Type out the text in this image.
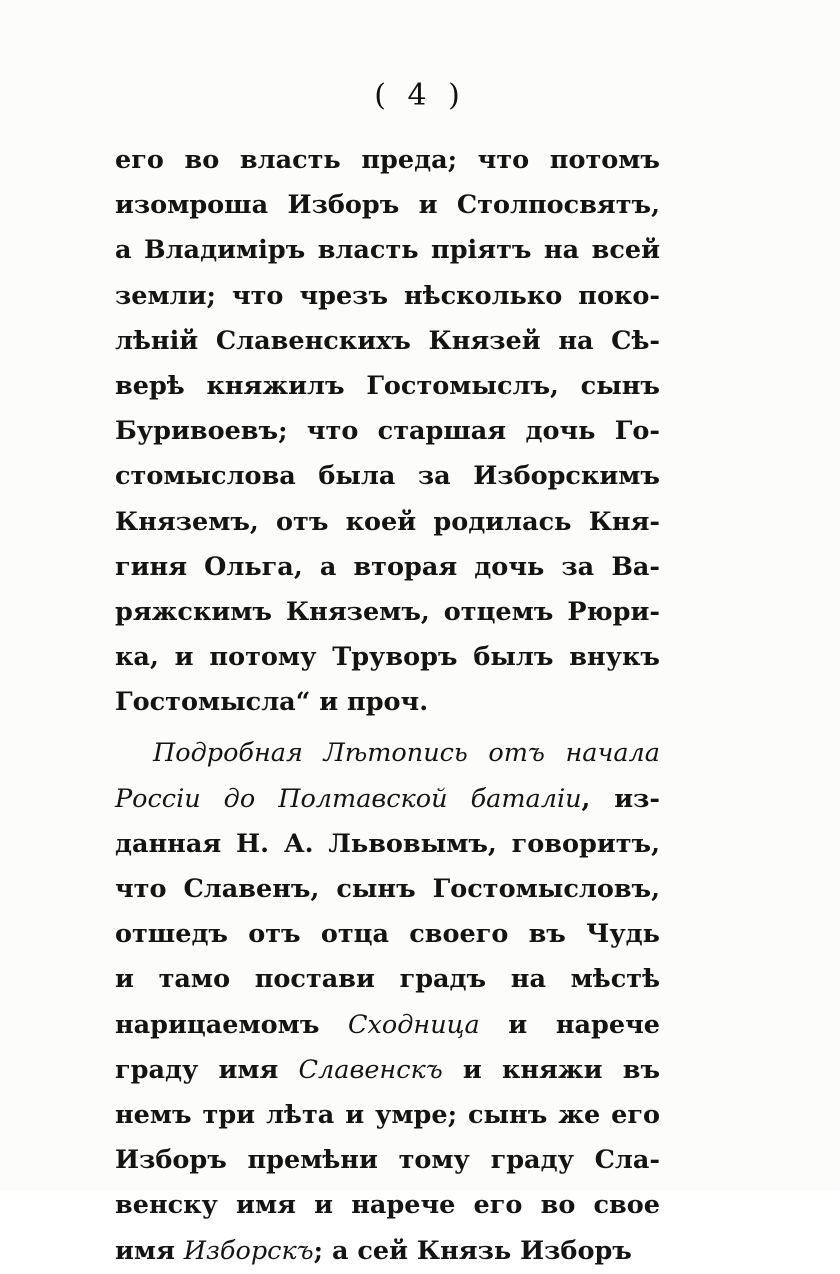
( 4 )
его во власть преда; что потомъ
изомроша Изборъ и Столпосвятъ,
а Владиміръ власть пріятъ на всей
земли; что чрезъ нѣсколько поко-
лѣній Славенскихъ Князей на Сѣ-
верѣ княжилъ Гостомыслъ, сынъ
Буривоевъ; что старшая дочь Го-
стомыслова была за Изборскимъ
Княземъ, отъ коей родилась Кня-
гиня Ольга, а вторая дочь за Ва-
ряжскимъ Княземъ, отцемъ Рюри-
ка, и потому Труворъ былъ внукъ
Гостомысла“ и проч.
Подробная Лѣтопись отъ начала
Россіи до Полтавской баталіи, из-
данная Н. А. Львовымъ, говоритъ,
что Славенъ, сынъ Гостомысловъ,
отшедъ отъ отца своего въ Чудь
и тамо постави градъ на мѣстѣ
нарицаемомъ Сходница и нарече
граду имя Славенскъ и княжи въ
немъ три лѣта и умре; сынъ же его
Изборъ премѣни тому граду Сла-
венску имя и нарече его во свое
имя Изборскъ; а сей Князь Изборъ
